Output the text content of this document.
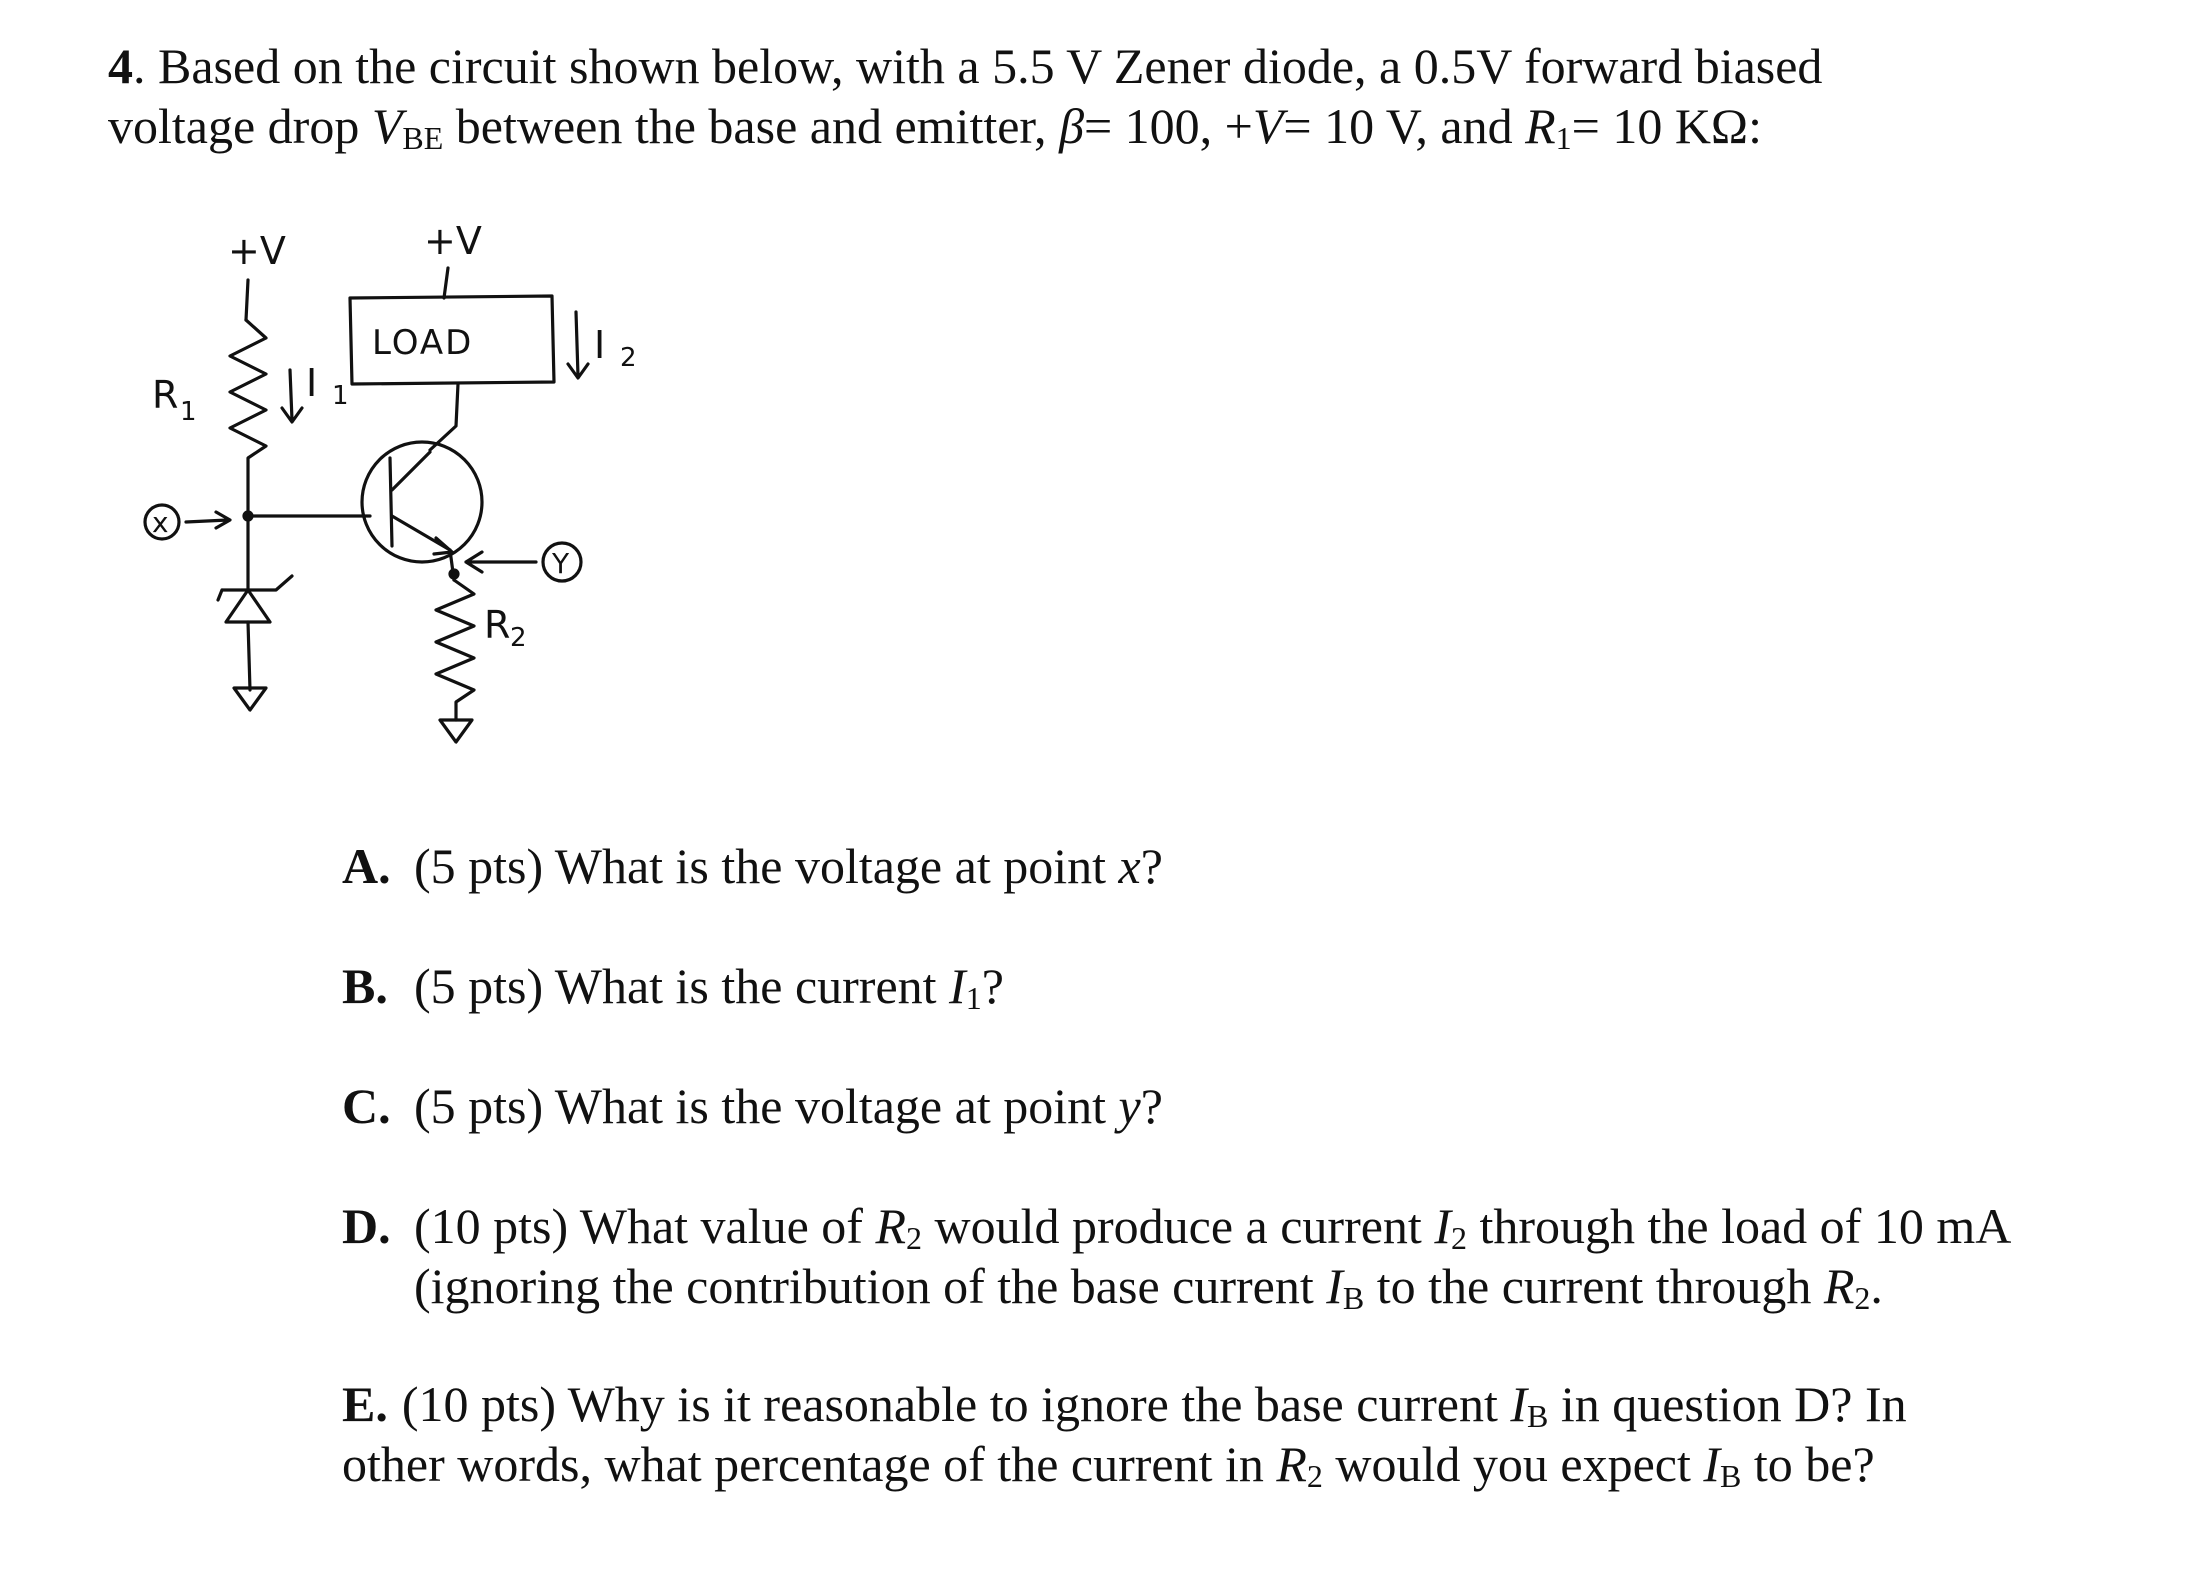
4. Based on the circuit shown below, with a 5.5 V Zener diode, a 0.5V forward biased
voltage drop $V_{BE}$ between the base and emitter, β= 100, +V= 10 V, and $R_1= 10$ KΩ:
+V	+V
LOAD
R 1
I 1
I 2
R 2
x
Y

A. (5 pts) What is the voltage at point x?

B. (5 pts) What is the current $I_1$?

C. (5 pts) What is the voltage at point y?

D. (10 pts) What value of $R_2$ would produce a current $I_2$ through the load of 10 mA
(ignoring the contribution of the base current $I_B$ to the current through $R_2$.
E. (10 pts) Why is it reasonable to ignore the base current $I_B$ in question D? In
other words, what percentage of the current in $R_2$ would you expect $I_B$ to be?
